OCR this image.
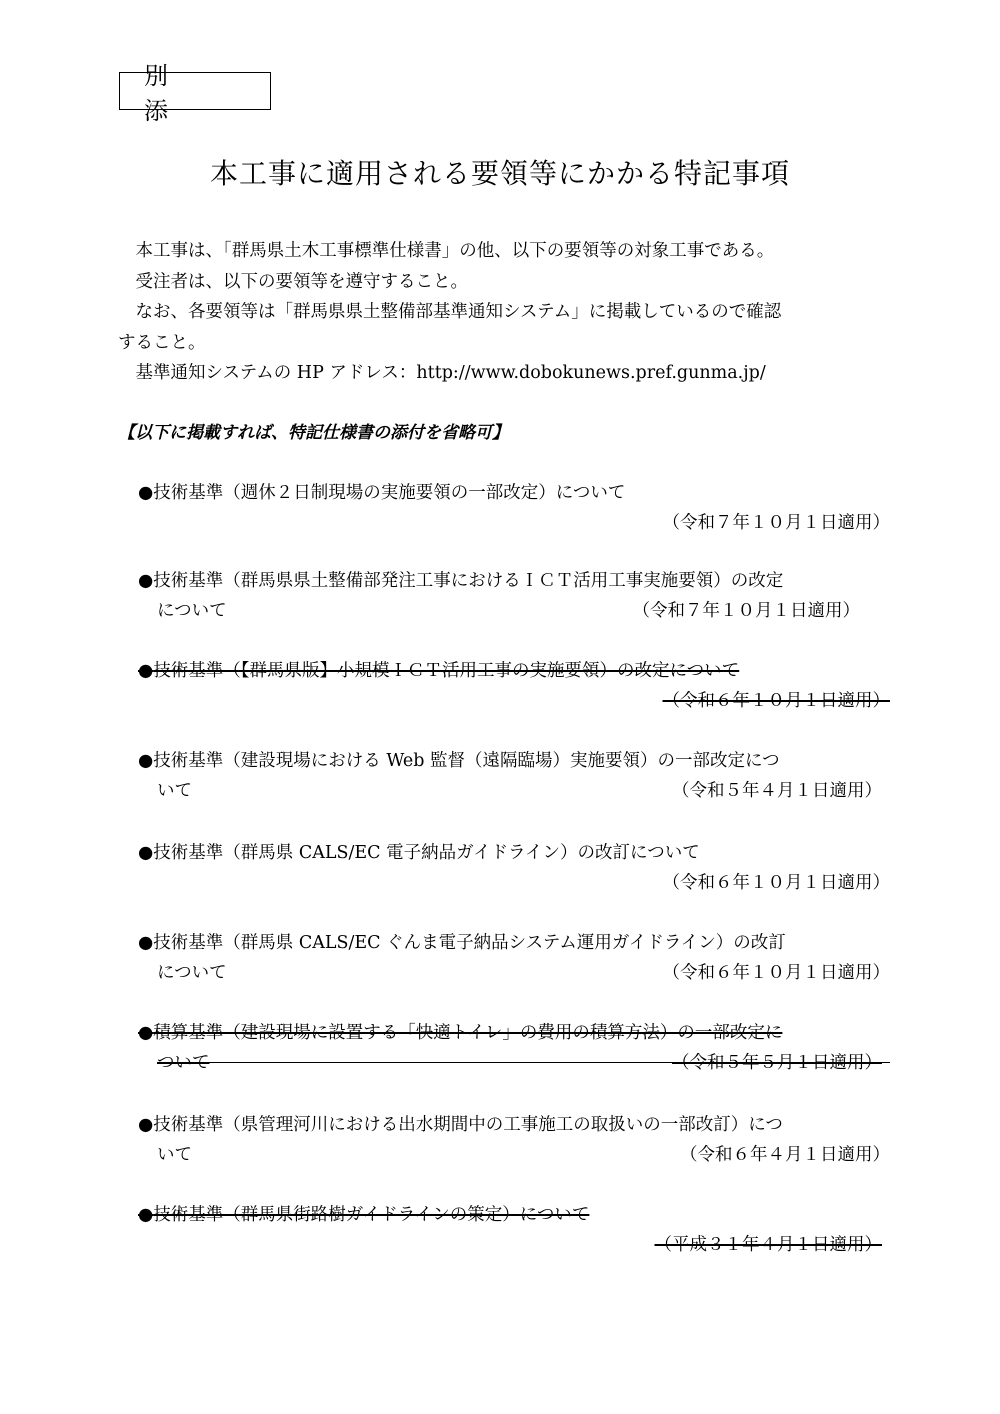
別　添
本工事に適用される要領等にかかる特記事項

本工事は、「群馬県土木工事標準仕様書」の他、以下の要領等の対象工事である。

受注者は、以下の要領等を遵守すること。

なお、各要領等は「群馬県県土整備部基準通知システム」に掲載しているので確認

すること。

基準通知システムの HP アドレス：http://www.dobokunews.pref.gunma.jp/

【以下に掲載すれば、特記仕様書の添付を省略可】
●技術基準（週休２日制現場の実施要領の一部改定）について
（令和７年１０月１日適用）
●技術基準（群馬県県土整備部発注工事におけるＩＣＴ活用工事実施要領）の改定
について	（令和７年１０月１日適用）
●技術基準（【群馬県版】小規模ＩＣＴ活用工事の実施要領）の改定について
（令和６年１０月１日適用）
●技術基準（建設現場における Web 監督（遠隔臨場）実施要領）の一部改定につ
いて	（令和５年４月１日適用）
●技術基準（群馬県 CALS/EC 電子納品ガイドライン）の改訂について
（令和６年１０月１日適用）
●技術基準（群馬県 CALS/EC ぐんま電子納品システム運用ガイドライン）の改訂
について	（令和６年１０月１日適用）
●積算基準（建設現場に設置する「快適トイレ」の費用の積算方法）の一部改定に
ついて	（令和５年５月１日適用）
●技術基準（県管理河川における出水期間中の工事施工の取扱いの一部改訂）につ
いて	（令和６年４月１日適用）
●技術基準（群馬県街路樹ガイドラインの策定）について
（平成３１年４月１日適用）
